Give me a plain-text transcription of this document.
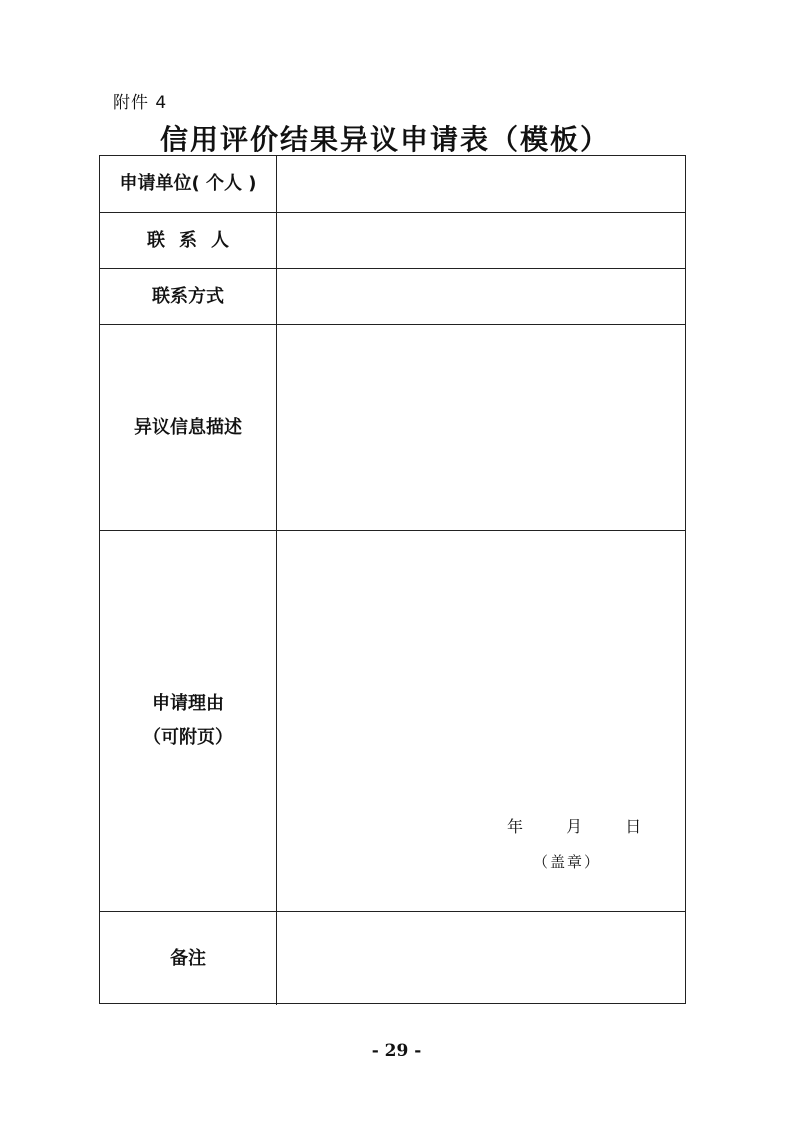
附件 4
信用评价结果异议申请表（模板）
申请单位( 个人 )
联系人
联系方式
异议信息描述
申请理由
（可附页）
年	月	日
（盖章）
备注
- 29 -
